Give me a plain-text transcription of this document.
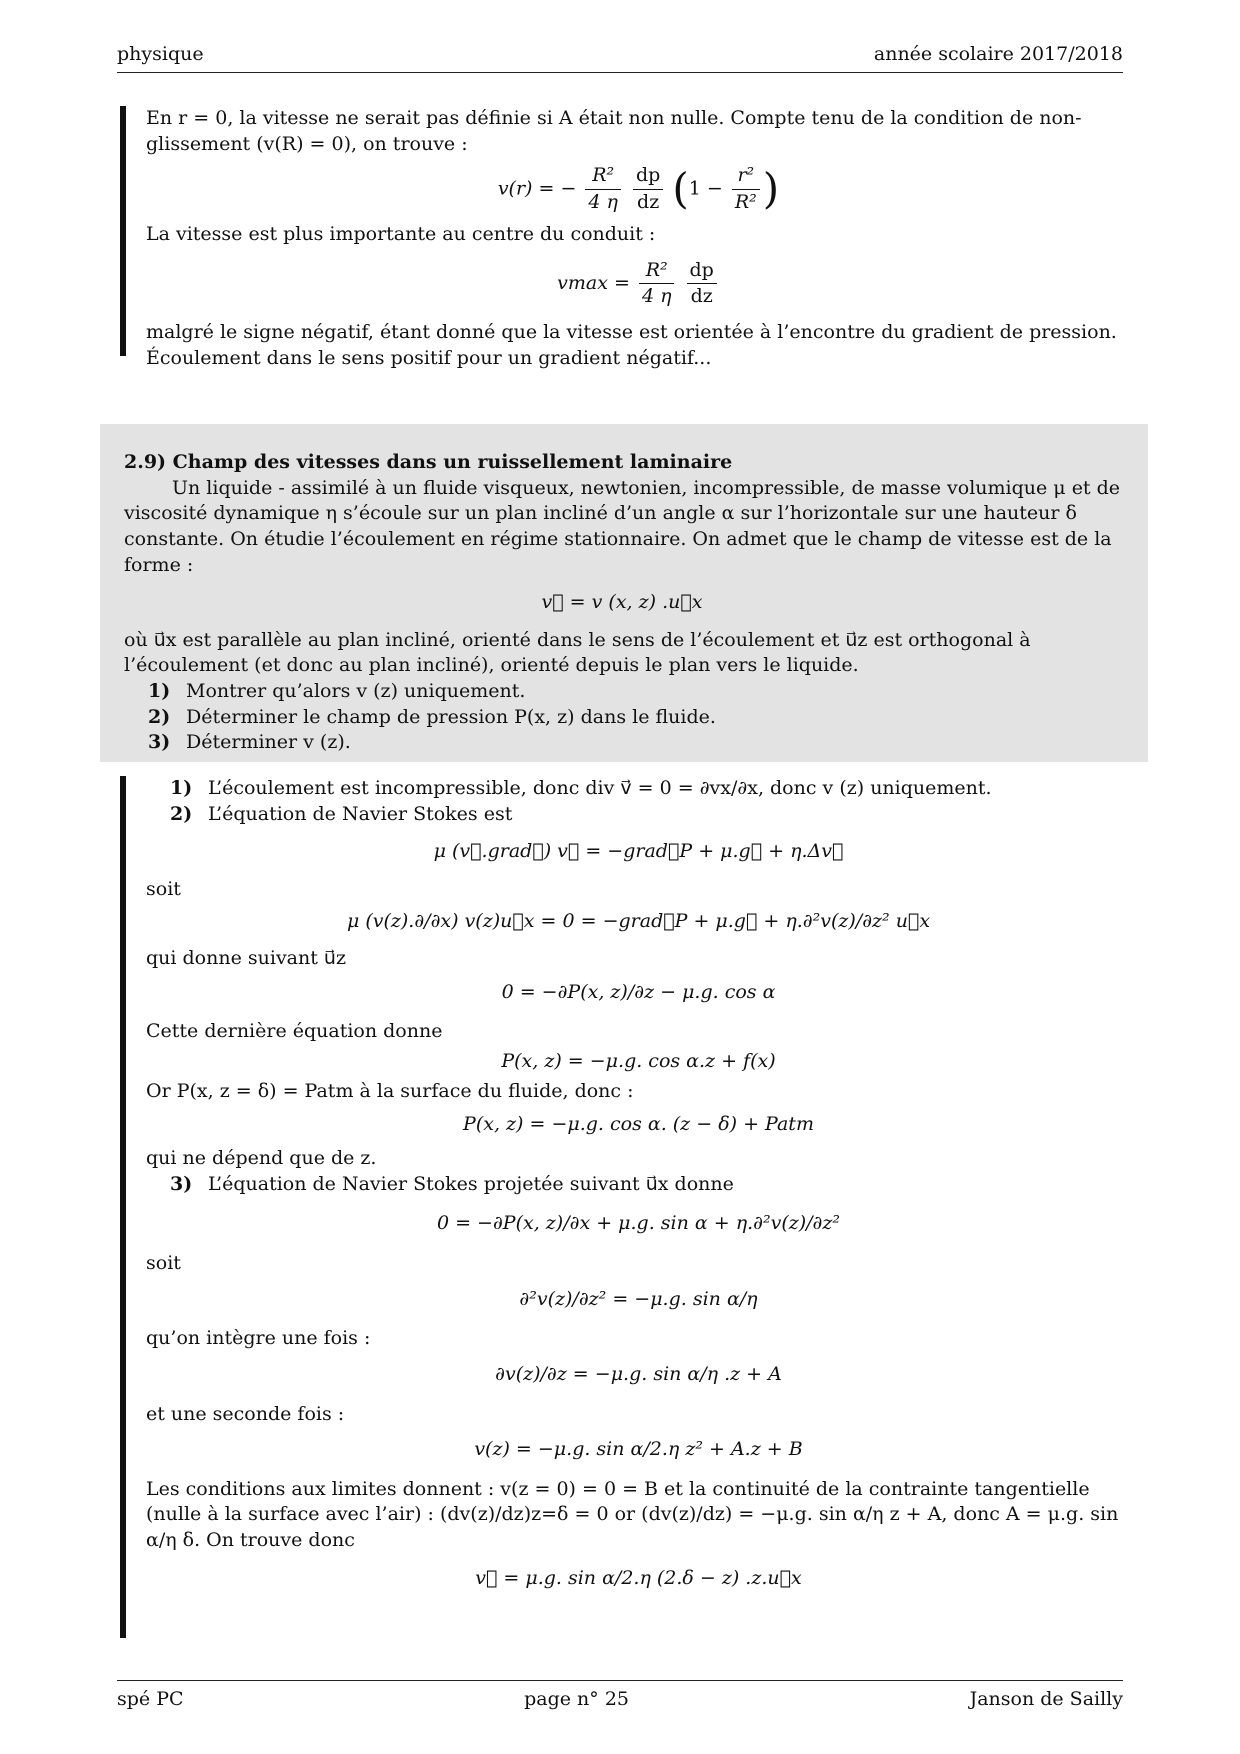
physique	année scolaire 2017/2018

En r = 0, la vitesse ne serait pas définie si A était non nulle. Compte tenu de la condition de non-glissement (v(R) = 0), on trouve :

v(r) = − $\frac{\text{R²}}{4 \eta}$
$\frac{dp}{dz} (1 - \frac{\text{r²}}{\text{R²}}$ )

La vitesse est plus importante au centre du conduit :

$vmax = \frac{\text{R²}}{4 \eta}$
$\frac{dp}{dz}$

malgré le signe négatif, étant donné que la vitesse est orientée à l’encontre du gradient de pression. Écoulement dans le sens positif pour un gradient négatif...

2.9) Champ des vitesses dans un ruissellement laminaire

Un liquide - assimilé à un fluide visqueux, newtonien, incompressible, de masse volumique μ et de viscosité dynamique η s’écoule sur un plan incliné d’un angle α sur l’horizontale sur une hauteur δ constante. On étudie l’écoulement en régime stationnaire. On admet que le champ de vitesse est de la forme :

v⃗ = v (x, z) .u⃗x

où u⃗x est parallèle au plan incliné, orienté dans le sens de l’écoulement et u⃗z est orthogonal à l’écoulement (et donc au plan incliné), orienté depuis le plan vers le liquide.

1) Montrer qu’alors v (z) uniquement.

2) Déterminer le champ de pression P(x, z) dans le fluide.

3) Déterminer v (z).

1) L’écoulement est incompressible, donc div v⃗ = 0 = ∂vx/∂x, donc v (z) uniquement.

2) L’équation de Navier Stokes est

μ (v⃗.grad⃗) v⃗ = −grad⃗P + μ.g⃗ + η.Δv⃗

soit

μ (v(z).∂/∂x) v(z)u⃗x = 0 = −grad⃗P + μ.g⃗ + η.∂²v(z)/∂z² u⃗x

qui donne suivant u⃗z

0 = −∂P(x, z)/∂z − μ.g. cos α

Cette dernière équation donne

P(x, z) = −μ.g. cos α.z + f(x)

Or P(x, z = δ) = Patm à la surface du fluide, donc :

P(x, z) = −μ.g. cos α. (z − δ) + Patm

qui ne dépend que de z.

3) L’équation de Navier Stokes projetée suivant u⃗x donne

0 = −∂P(x, z)/∂x + μ.g. sin α + η.∂²v(z)/∂z²

soit

∂²v(z)/∂z² = −μ.g. sin α/η

qu’on intègre une fois :

∂v(z)/∂z = −μ.g. sin α/η .z + A

et une seconde fois :

v(z) = −μ.g. sin α/2.η z² + A.z + B

Les conditions aux limites donnent : v(z = 0) = 0 = B et la continuité de la contrainte tangentielle (nulle à la surface avec l’air) : (dv(z)/dz)z=δ = 0 or (dv(z)/dz) = −μ.g. sin α/η z + A, donc A = μ.g. sin α/η δ. On trouve donc

v⃗ = μ.g. sin α/2.η (2.δ − z) .z.u⃗x
spé PC	page n° 25	Janson de Sailly
